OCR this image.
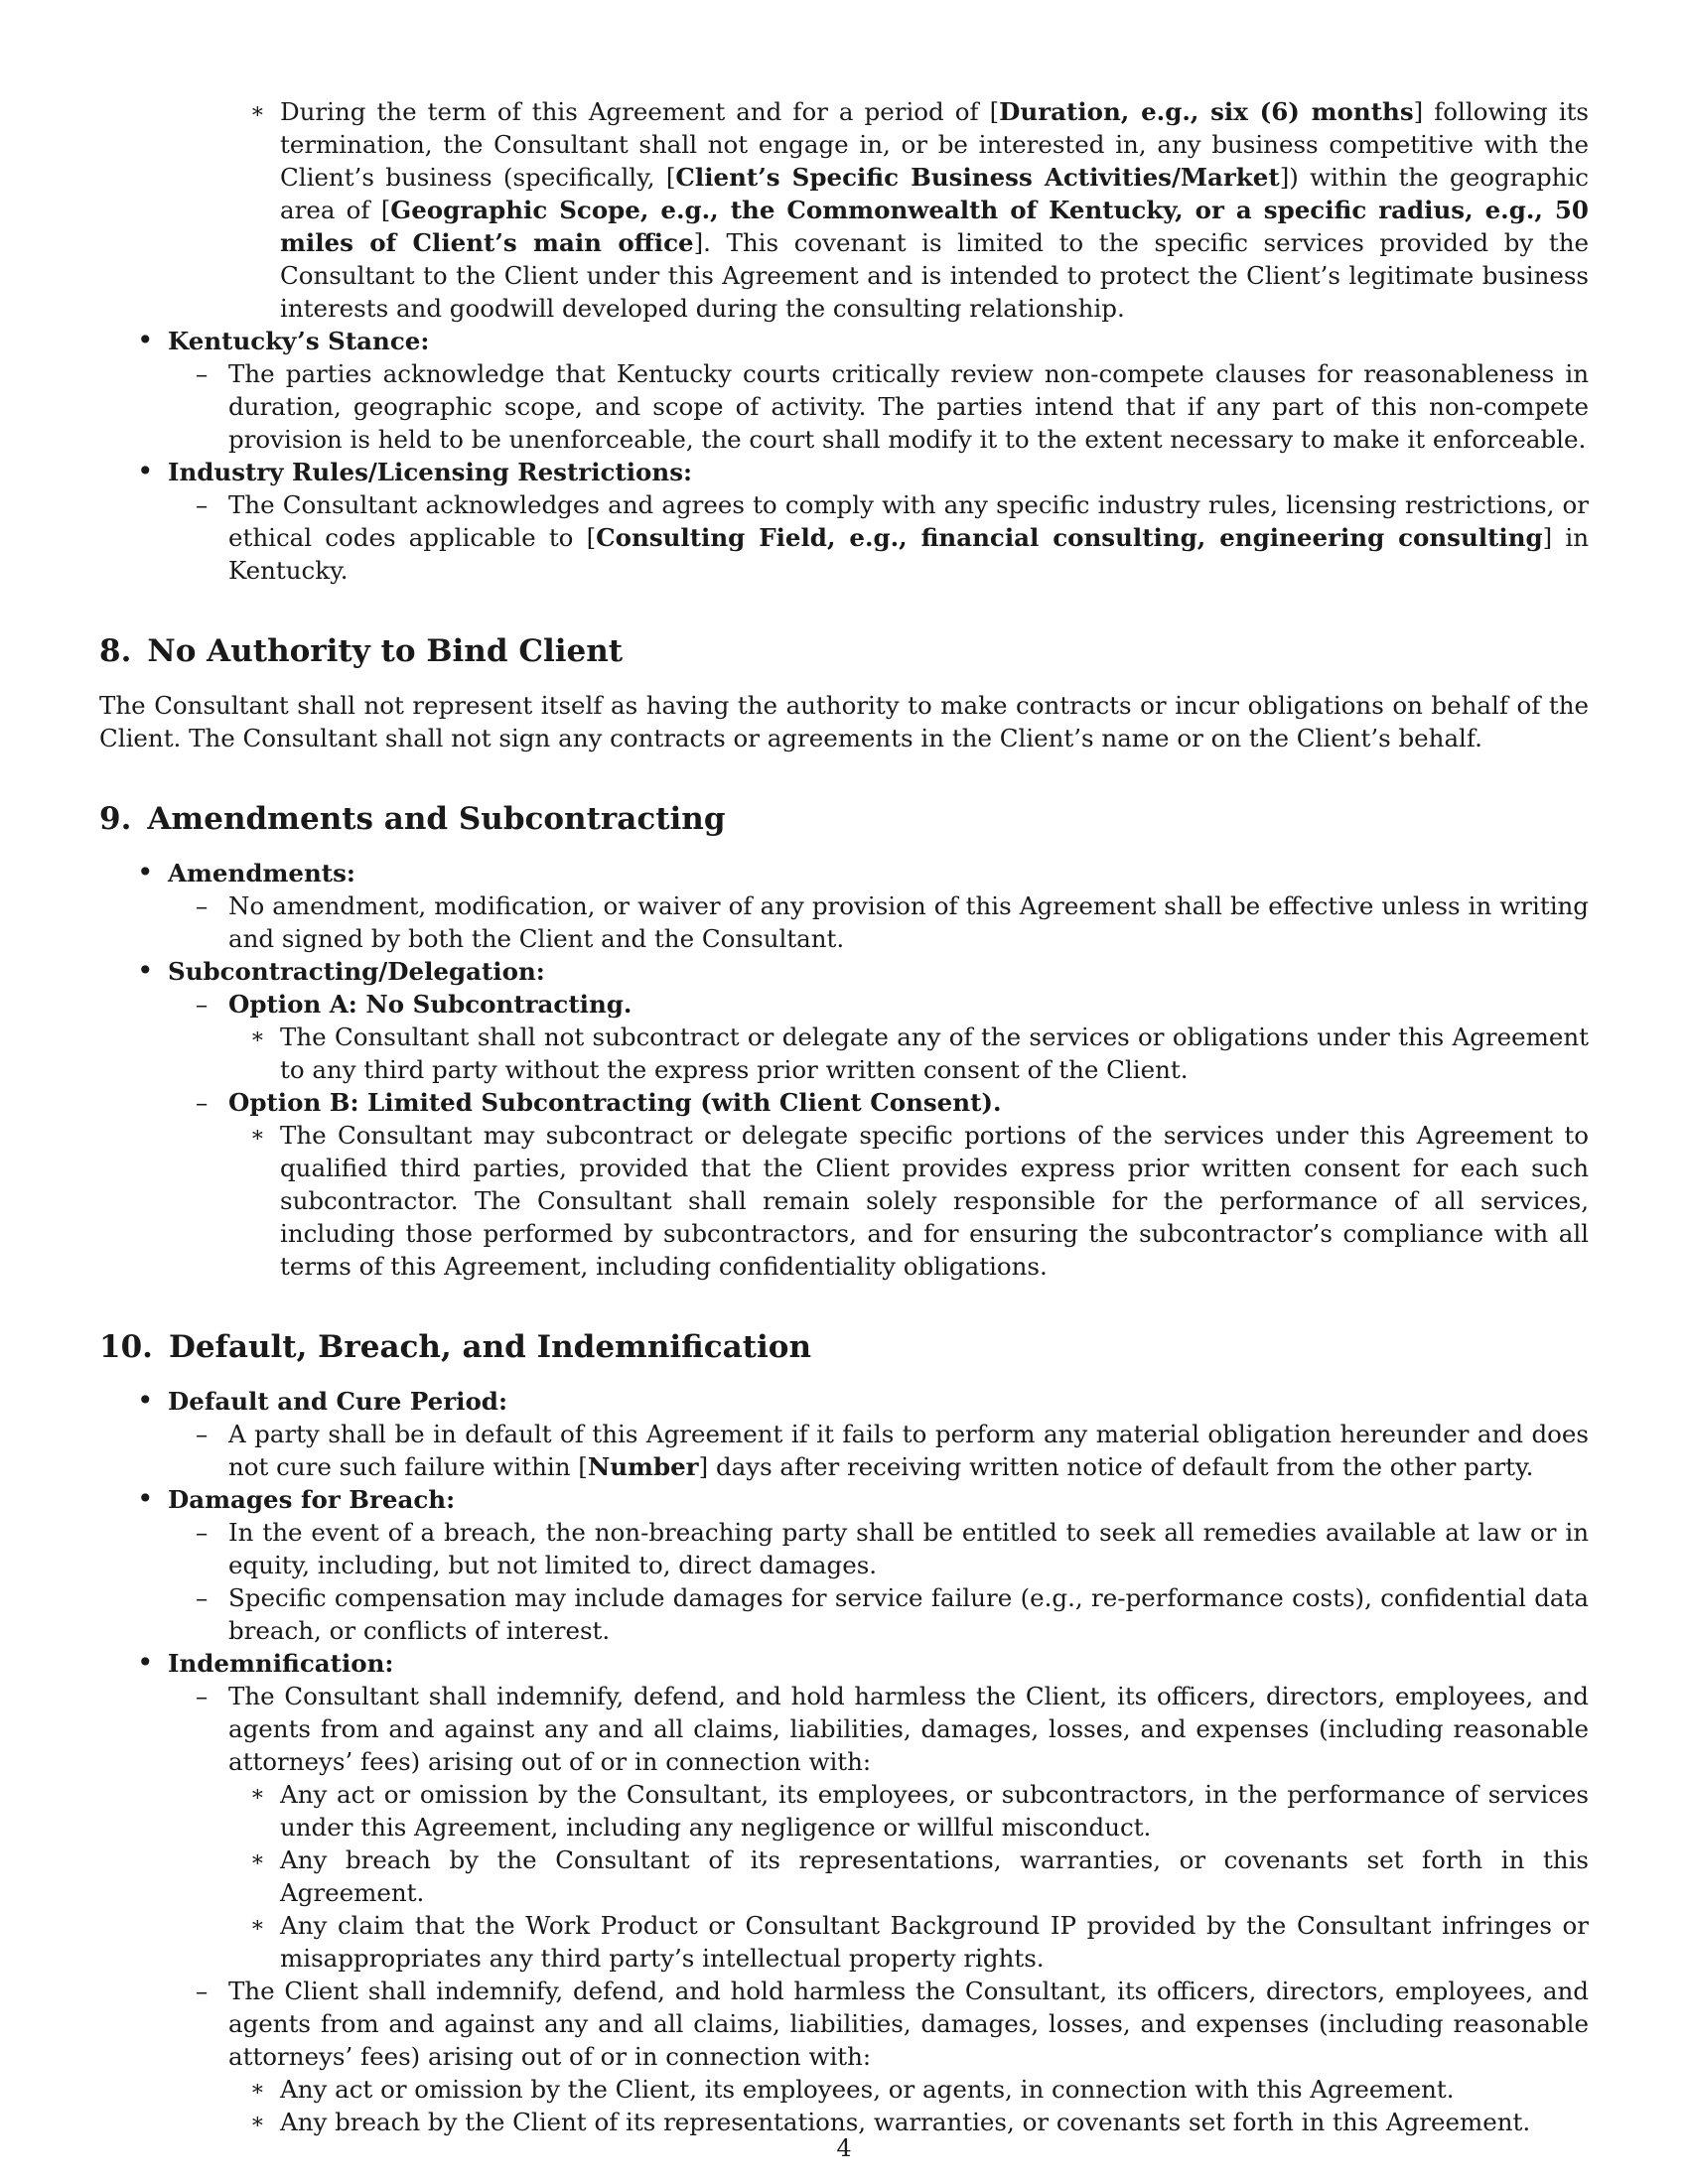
∗ During the term of this Agreement and for a period of [Duration, e.g., six (6) months] following its termination, the Consultant shall not engage in, or be interested in, any business competitive with the Client’s business (specifically, [Client’s Specific Business Activities/Market]) within the geographic area of [Geographic Scope, e.g., the Commonwealth of Kentucky, or a specific radius, e.g., 50 miles of Client’s main office]. This covenant is limited to the specific services provided by the Consultant to the Client under this Agreement and is intended to protect the Client’s legitimate business interests and goodwill developed during the consulting relationship.
• Kentucky’s Stance:
– The parties acknowledge that Kentucky courts critically review non-compete clauses for reasonableness in duration, geographic scope, and scope of activity. The parties intend that if any part of this non-compete provision is held to be unenforceable, the court shall modify it to the extent necessary to make it enforceable.
• Industry Rules/Licensing Restrictions:
– The Consultant acknowledges and agrees to comply with any specific industry rules, licensing restrictions, or ethical codes applicable to [Consulting Field, e.g., financial consulting, engineering consulting] in Kentucky.
8. No Authority to Bind Client

The Consultant shall not represent itself as having the authority to make contracts or incur obligations on behalf of the Client. The Consultant shall not sign any contracts or agreements in the Client’s name or on the Client’s behalf.

9. Amendments and Subcontracting
• Amendments:
– No amendment, modification, or waiver of any provision of this Agreement shall be effective unless in writing and signed by both the Client and the Consultant.
• Subcontracting/Delegation:
– Option A: No Subcontracting.
∗ The Consultant shall not subcontract or delegate any of the services or obligations under this Agreement to any third party without the express prior written consent of the Client.
– Option B: Limited Subcontracting (with Client Consent).
∗ The Consultant may subcontract or delegate specific portions of the services under this Agreement to qualified third parties, provided that the Client provides express prior written consent for each such subcontractor. The Consultant shall remain solely responsible for the performance of all services, including those performed by subcontractors, and for ensuring the subcontractor’s compliance with all terms of this Agreement, including confidentiality obligations.
10. Default, Breach, and Indemnification
• Default and Cure Period:
– A party shall be in default of this Agreement if it fails to perform any material obligation hereunder and does not cure such failure within [Number] days after receiving written notice of default from the other party.
• Damages for Breach:
– In the event of a breach, the non-breaching party shall be entitled to seek all remedies available at law or in equity, including, but not limited to, direct damages.
– Specific compensation may include damages for service failure (e.g., re-performance costs), confidential data breach, or conflicts of interest.
• Indemnification:
– The Consultant shall indemnify, defend, and hold harmless the Client, its officers, directors, employees, and agents from and against any and all claims, liabilities, damages, losses, and expenses (including reasonable attorneys’ fees) arising out of or in connection with:
∗ Any act or omission by the Consultant, its employees, or subcontractors, in the performance of services under this Agreement, including any negligence or willful misconduct.
∗ Any breach by the Consultant of its representations, warranties, or covenants set forth in this Agreement.
∗ Any claim that the Work Product or Consultant Background IP provided by the Consultant infringes or misappropriates any third party’s intellectual property rights.
– The Client shall indemnify, defend, and hold harmless the Consultant, its officers, directors, employees, and agents from and against any and all claims, liabilities, damages, losses, and expenses (including reasonable attorneys’ fees) arising out of or in connection with:
∗ Any act or omission by the Client, its employees, or agents, in connection with this Agreement.
∗ Any breach by the Client of its representations, warranties, or covenants set forth in this Agreement.
4
